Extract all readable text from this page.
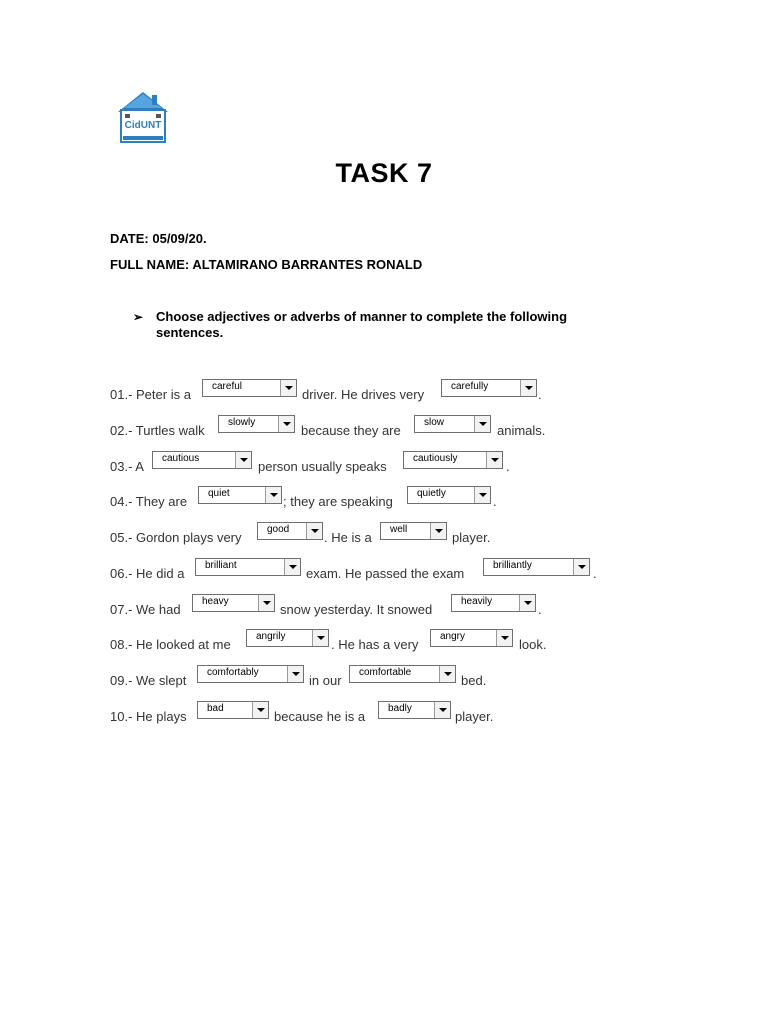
CidUNT
TASK 7
DATE: 05/09/20.
FULL NAME: ALTAMIRANO BARRANTES RONALD
➢ Choose adjectives or adverbs of manner to complete the following sentences.
01.- Peter is a
careful
driver. He drives very
carefully
.
02.- Turtles walk
slowly
because they are
slow
animals.
03.- A
cautious
person usually speaks
cautiously
.
04.- They are
quiet
; they are speaking
quietly
.
05.- Gordon plays very
good
. He is a
well
player.
06.- He did a
brilliant
exam. He passed the exam
brilliantly
.
07.- We had
heavy
snow yesterday. It snowed
heavily
.
08.- He looked at me
angrily
. He has a very
angry
look.
09.- We slept
comfortably
in our
comfortable
bed.
10.- He plays
bad
because he is a
badly
player.
